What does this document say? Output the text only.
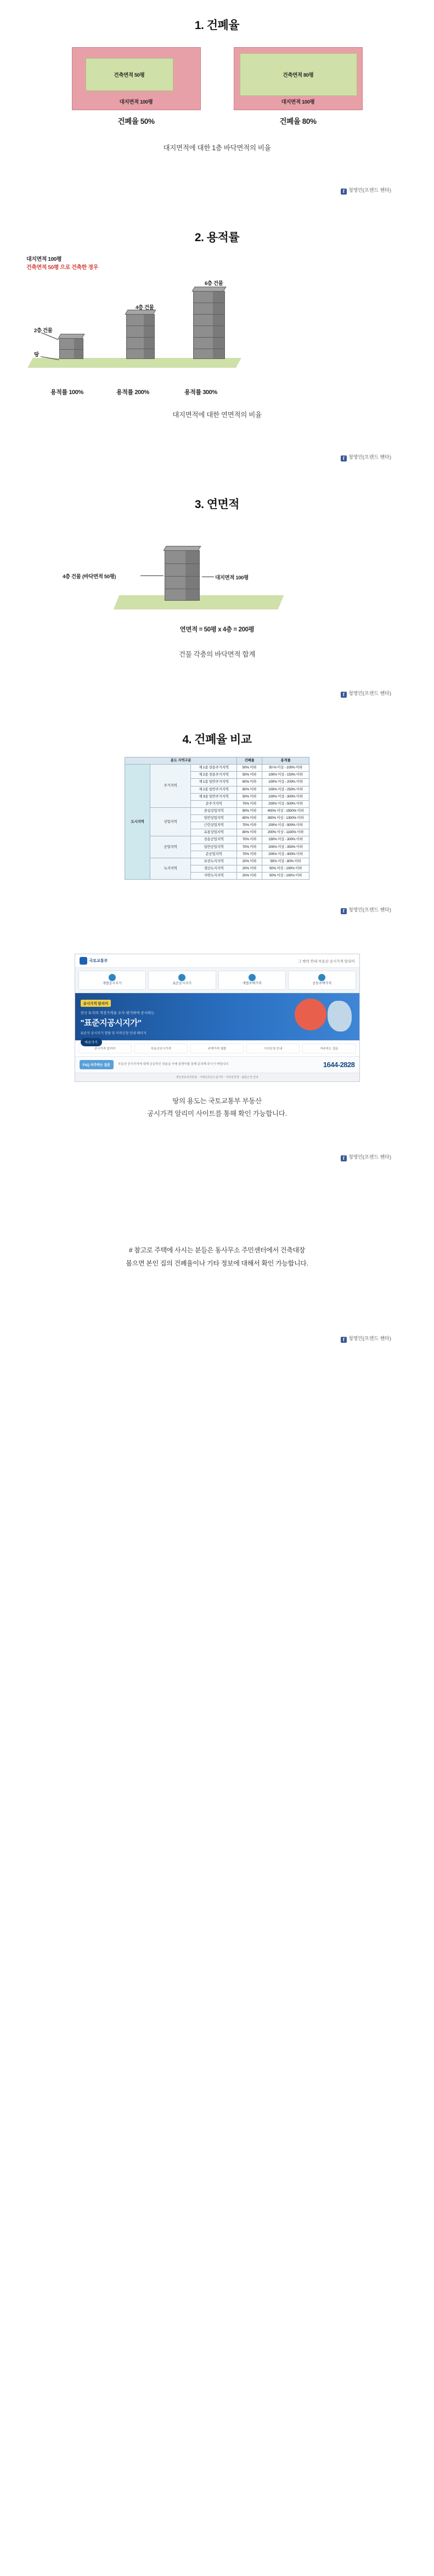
1. 건폐율
건축면적 50평
대지면적 100평
건폐율 50%
건축면적 80평
대지면적 100평
건폐율 80%
대지면적에 대한 1층 바닥면적의 비율
f 청영민(프렌드 헨타)
2. 용적률
대지면적 100평
건축면적 50평 으로 건축한 경우
2층 건물
4층 건물
6층 건물
땅
용적률 100%	용적률 200%	용적률 300%
대지면적에 대한 연면적의 비율
f 청영민(프렌드 헨타)
3. 연면적
4층 건물 (바닥면적 50평)	대지면적 100평
연면적 = 50평 x 4층 = 200평
건물 각층의 바닥면적 합계
f 청영민(프렌드 헨타)
4. 건폐율 비교
용도 지역구분			건폐율	용적률
도시지역	주거지역	제 1종 전용주거지역	50% 이하	50 % 이상 - 100% 이하
		제 2종 전용주거지역	50% 이하	100% 이상 - 150% 이하
		제 1종 일반주거지역	60% 이하	100% 이상 - 200% 이하
		제 2종 일반주거지역	60% 이하	100% 이상 - 250% 이하
		제 3종 일반주거지역	50% 이하	100% 이상 - 300% 이하
		준주거지역	70% 이하	200% 이상 - 500% 이하
	상업지역	중심상업지역	90% 이하	400% 이상 - 1500% 이하
		일반상업지역	80% 이하	300% 이상 - 1300% 이하
		근린상업지역	70% 이하	200% 이상 - 900% 이하
		유통상업지역	80% 이하	200% 이상 - 1100% 이하
	공업지역	전용공업지역	70% 이하	150% 이상 - 300% 이하
		일반공업지역	70% 이하	200% 이상 - 350% 이하
		준공업지역	70% 이하	200% 이상 - 400% 이하
	녹지지역	보전녹지지역	20% 이하	50% 이상 - 80% 이하
		생산녹지지역	20% 이하	50% 이상 - 100% 이하
		자연녹지지역	20% 이하	50% 이상 - 100% 이하
f 청영민(프렌드 헨타)
국토교통부	그 밖의 안내 부동산 공시가격 알리미
개별공시지가	표준공시지가	개별주택가격	공동주택가격
공시가격 알리미
전국 토지의 적정가격을 조사·평가하여 공시하는
"표준지공시지가"
표준지 공시지가 열람 및 이의신청 안내 페이지
바로가기
공시가격 알리미	부동산공시가격	주택가격 열람	이의신청 안내	자주하는 질문
FAQ 자주하는 질문	부동산 공시가격에 대해 궁금하신 내용을 아래 콜센터를 통해 문의해 주시기 바랍니다.	1644-2828
개인정보처리방침 · 이메일무단수집거부 · 저작권정책 · 웹접근성 안내
땅의 용도는 국토교통부 부동산
공시가격 알리미 사이트를 통해 확인 가능합니다.
f 청영민(프렌드 헨타)
# 참고로 주택에 사시는 분들은 동사무소 주민센터에서 건축대장
봄으면 본인 집의 건폐율이나 기타 정보에 대해서 확인 가능합니다.
f 청영민(프렌드 헨타)
